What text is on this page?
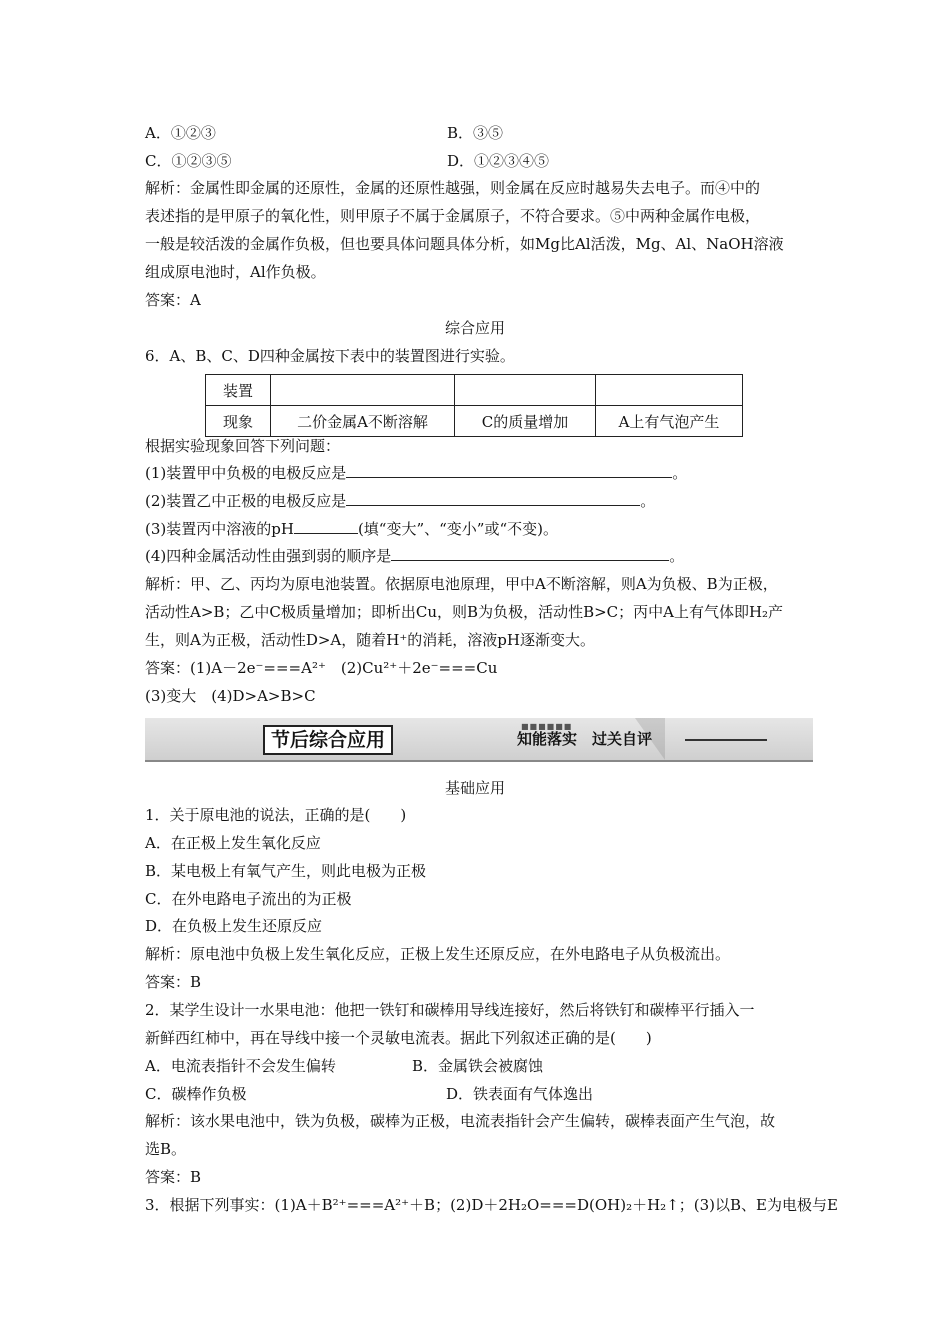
A．①②③	B．③⑤
C．①②③⑤	D．①②③④⑤
解析：金属性即金属的还原性，金属的还原性越强，则金属在反应时越易失去电子。而④中的
表述指的是甲原子的氧化性，则甲原子不属于金属原子，不符合要求。⑤中两种金属作电极，
一般是较活泼的金属作负极，但也要具体问题具体分析，如Mg比Al活泼，Mg、Al、NaOH溶液
组成原电池时，Al作负极。
答案：A
综合应用
6．A、B、C、D四种金属按下表中的装置图进行实验。
装置			
现象	二价金属A不断溶解	C的质量增加	A上有气泡产生
根据实验现象回答下列问题：
(1)装置甲中负极的电极反应是	。
(2)装置乙中正极的电极反应是	。
(3)装置丙中溶液的pH	(填“变大”、“变小”或“不变)。
(4)四种金属活动性由强到弱的顺序是	。
解析：甲、乙、丙均为原电池装置。依据原电池原理，甲中A不断溶解，则A为负极、B为正极，
活动性A>B；乙中C极质量增加；即析出Cu，则B为负极，活动性B>C；丙中A上有气体即H₂产
生，则A为正极，活动性D>A，随着H⁺的消耗，溶液pH逐渐变大。
答案：(1)A－2e⁻===A²⁺　(2)Cu²⁺＋2e⁻===Cu
(3)变大　(4)D>A>B>C
节后综合应用
■■■■■■
知能落实　过关自评
基础应用
1．关于原电池的说法，正确的是(　　)
A．在正极上发生氧化反应
B．某电极上有氧气产生，则此电极为正极
C．在外电路电子流出的为正极
D．在负极上发生还原反应
解析：原电池中负极上发生氧化反应，正极上发生还原反应，在外电路电子从负极流出。
答案：B
2．某学生设计一水果电池：他把一铁钉和碳棒用导线连接好，然后将铁钉和碳棒平行插入一
新鲜西红柿中，再在导线中接一个灵敏电流表。据此下列叙述正确的是(　　)
A．电流表指针不会发生偏转	B．金属铁会被腐蚀
C．碳棒作负极	D．铁表面有气体逸出
解析：该水果电池中，铁为负极，碳棒为正极，电流表指针会产生偏转，碳棒表面产生气泡，故
选B。
答案：B
3．根据下列事实：(1)A＋B²⁺===A²⁺＋B；(2)D＋2H₂O===D(OH)₂＋H₂↑；(3)以B、E为电极与E
